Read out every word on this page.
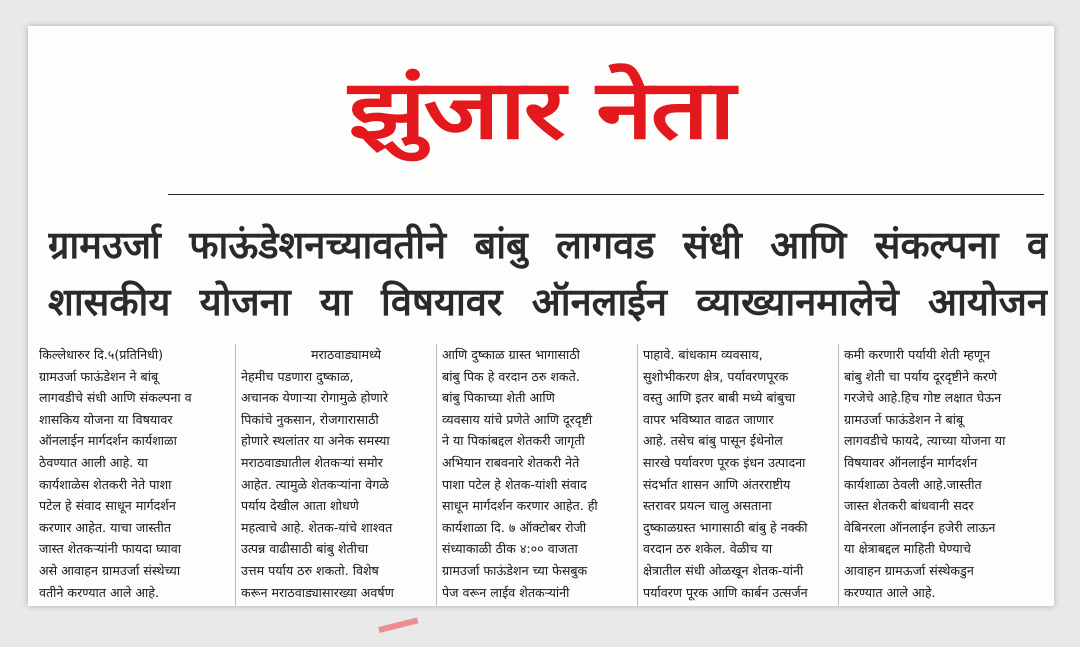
झुंजार नेता
ग्रामउर्जा फाऊंडेशनच्यावतीने बांबु लागवड संधी आणि संकल्पना व
शासकीय योजना या विषयावर ऑनलाईन व्याख्यानमालेचे आयोजन
किल्लेधारुर दि.५(प्रतिनिधी)
ग्रामउर्जा फाऊंडेशन ने बांबू
लागवडीचे संधी आणि संकल्पना व
शासकिय योजना या विषयावर
ऑनलाईन मार्गदर्शन कार्यशाळा
ठेवण्यात आली आहे. या
कार्यशाळेस शेतकरी नेते पाशा
पटेल हे संवाद साधून मार्गदर्शन
करणार आहेत. याचा जास्तीत
जास्त शेतकऱ्यांनी फायदा घ्यावा
असे आवाहन ग्रामउर्जा संस्थेच्या
वतीने करण्यात आले आहे.
मराठवाड्यामध्ये
नेहमीच पडणारा दुष्काळ,
अचानक येणाऱ्या रोगामुळे होणारे
पिकांचे नुकसान, रोजगारासाठी
होणारे स्थलांतर या अनेक समस्या
मराठवाड्यातील शेतकऱ्यां समोर
आहेत. त्यामुळे शेतकऱ्यांना वेगळे
पर्याय देखील आता शोधणे
महत्वाचे आहे. शेतक-यांचे शाश्वत
उत्पन्न वाढीसाठी बांबु शेतीचा
उत्तम पर्याय ठरु शकतो. विशेष
करून मराठवाड्यासारख्या अवर्षण
आणि दुष्काळ ग्रास्त भागासाठी
बांबु पिक हे वरदान ठरु शकते.
बांबु पिकाच्या शेती आणि
व्यवसाय यांचे प्रणेते आणि दूरदृष्टी
ने या पिकांबद्दल शेतकरी जागृती
अभियान राबवनारे शेतकरी नेते
पाशा पटेल हे शेतक-यांशी संवाद
साधून मार्गदर्शन करणार आहेत. ही
कार्यशाळा दि. ७ ऑक्टोबर रोजी
संध्याकाळी ठीक ४:०० वाजता
ग्रामउर्जा फाऊंडेशन च्या फेसबुक
पेज वरून लाईव शेतकऱ्यांनी
पाहावे. बांधकाम व्यवसाय,
सुशोभीकरण क्षेत्र, पर्यावरणपूरक
वस्तु आणि इतर बाबी मध्ये बांबुचा
वापर भविष्यात वाढत जाणार
आहे. तसेच बांबु पासून ईथेनोल
सारखे पर्यावरण पूरक इंधन उत्पादना
संदर्भात शासन आणि अंतरराष्टीय
स्तरावर प्रयत्न चालु असताना
दुष्काळग्रस्त भागासाठी बांबु हे नक्की
वरदान ठरु शकेल. वेळीच या
क्षेत्रातील संधी ओळखून शेतक-यांनी
पर्यावरण पूरक आणि कार्बन उत्सर्जन
कमी करणारी पर्यायी शेती म्हणून
बांबु शेती चा पर्याय दूरदृष्टीने करणे
गरजेचे आहे.हिच गोष्ट लक्षात घेऊन
ग्रामउर्जा फाऊंडेशन ने बांबू
लागवडीचे फायदे, त्याच्या योजना या
विषयावर ऑनलाईन मार्गदर्शन
कार्यशाळा ठेवली आहे.जास्तीत
जास्त शेतकरी बांधवानी सदर
वेबिनरला ऑनलाईन हजेरी लाऊन
या क्षेत्राबद्दल माहिती घेण्याचे
आवाहन ग्रामऊर्जा संस्थेकडुन
करण्यात आले आहे.
